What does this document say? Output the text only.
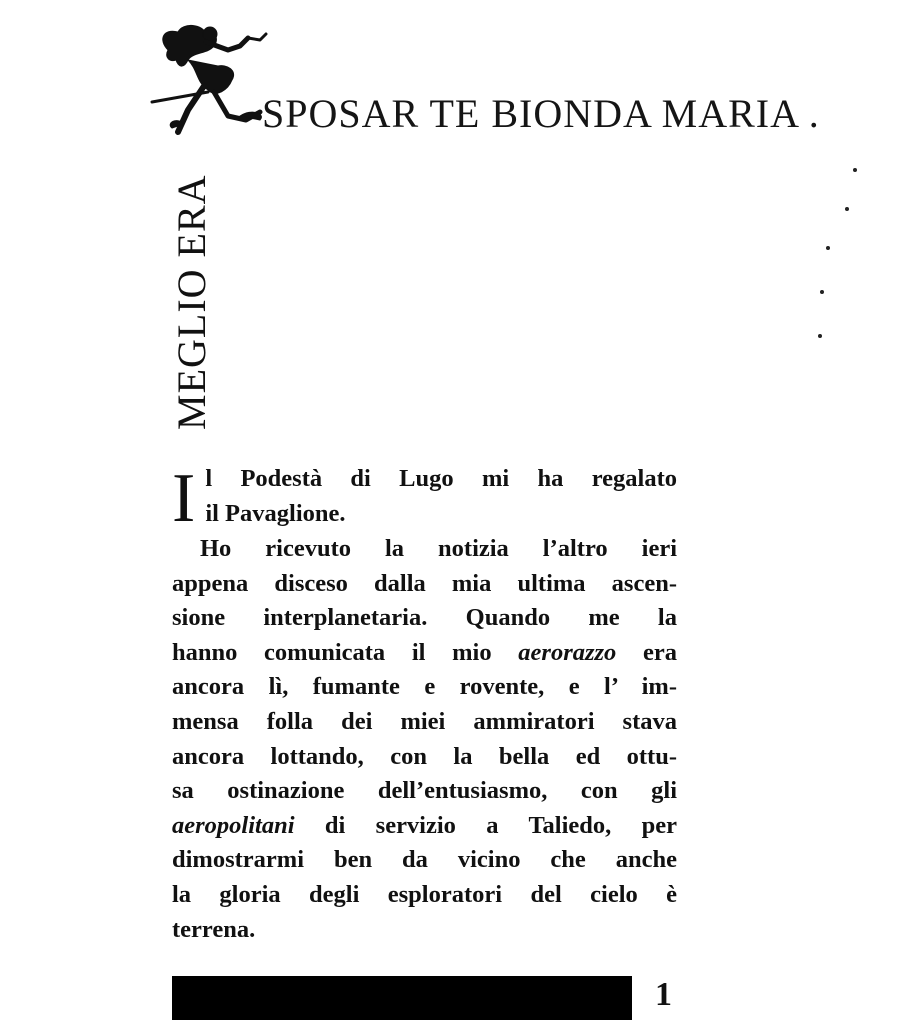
SPOSAR TE BIONDA MARIA .
MEGLIO ERA
I l Podestà di Lugo mi ha regalato
il Pavaglione.
Ho ricevuto la notizia l’altro ieri
appena disceso dalla mia ultima ascen-
sione interplanetaria. Quando me la
hanno comunicata il mio aerorazzo era
ancora lì, fumante e rovente, e l’ im-
mensa folla dei miei ammiratori stava
ancora lottando, con la bella ed ottu-
sa ostinazione dell’entusiasmo, con gli
aeropolitani di servizio a Taliedo, per
dimostrarmi ben da vicino che anche
la gloria degli esploratori del cielo è
terrena.
1
